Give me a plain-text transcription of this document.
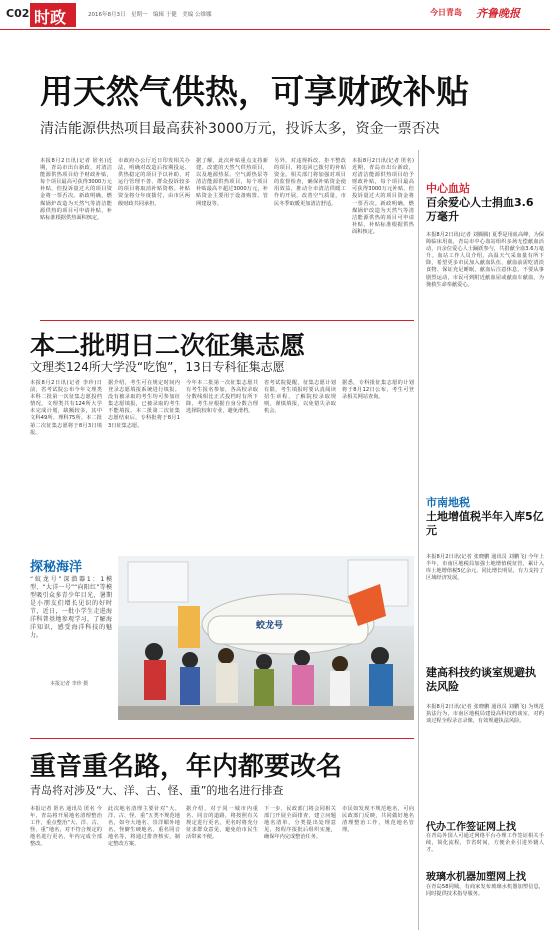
C02 时政	2016年8月3日　星期一　编辑 于健　美编 公维娜	今日青岛 齐鲁晚报
用天然气供热，可享财政补贴
清洁能源供热项目最高获补3000万元，投诉太多，资金一票否决
本报8月2日讯(记者 匿名)近期，青岛市出台新政，对清洁能源供热项目给予财政补贴，每个项目最高可获得3000万元补贴，但投诉量过大的项目资金将一票否决。新政明确，燃煤锅炉改造为天然气等清洁能源供热的项目可申请补贴，补贴标准根据供热面积核定。
市政府办公厅近日印发相关办法，明确对改造后按期投运、供热稳定的项目予以补助，对运行管理不善、群众投诉较多的项目将取消补贴资格。补贴资金将分年度拨付，由市区两级财政共同承担。
据了解，此次补贴重点支持新建、改建的天然气供热项目，以及地源热泵、空气源热泵等清洁能源供热项目，每个项目补贴最高不超过3000万元，补贴资金主要用于设备购置、管网建设等。
另外，对违规拆改、拒不整改的项目，将追回已拨付的补贴资金。相关部门将加强对项目的监督检查，确保补贴资金使用效益，推动全市清洁供暖工作的开展，改善空气质量，市民冬季取暖更加清洁舒适。
本报8月2日讯(记者 匿名)近期，青岛市出台新政，对清洁能源供热项目给予财政补贴，每个项目最高可获得3000万元补贴，但投诉量过大的项目资金将一票否决。新政明确，燃煤锅炉改造为天然气等清洁能源供热的项目可申请补贴，补贴标准根据供热面积核定。
中心血站
百余爱心人士捐血3.6万毫升
本报8月2日讯(记者 刘腾腾) 夏季是用血高峰，为保障临床用血，青岛市中心血站组织多场无偿献血活动，百余位爱心人士踊跃参与，共捐献全血3.6万毫升。血站工作人员介绍，高温天气采血量有所下降，希望更多市民加入献血队伍，献血前需吃清淡食物、保证充足睡眠，献血后注意休息，不要从事剧烈运动，市民可到附近献血屋或献血车献血，为挽救生命奉献爱心。
市南地税
土地增值税半年入库5亿元
本报8月2日讯(记者 张晓鹏 通讯员 刘鹏飞) 今年上半年，市南区地税局加强土地增值税征管，累计入库土地增值税5亿余元，同比增长明显，有力支持了区域经济发展。
建高科技约谈室规避执法风险
本报8月2日讯(记者 张晓鹏 通讯员 刘鹏飞) 为规范执法行为，市南区地税局建设高科技约谈室，对约谈过程全程录音录像，有效规避执法风险。
代办工作签证网上找
在青岛外国人可通过网络平台办理工作签证相关手续，简化流程，节省时间，方便企业引进外籍人才。
玻璃水机器加塑网上找
在青岛58同城，有商家发布玻璃水机器加塑信息，同时提供技术指导服务。
本二批明日二次征集志愿
文理类124所大学没“吃饱”，13日专科征集志愿
本报8月2日讯(记者 李珍)日前，省考试院公布今年文理类本科二批第一次征集志愿投档情况，文理类共有124所大学未完成计划，缺额较多，其中文科49所、理科75所。本二批第二次征集志愿将于8月3日填报。
据介绍，考生可在规定时间内登录志愿填报系统进行填报。没有被录取的考生均可参加征集志愿填报，已被录取的考生不能填报。本二批第二次征集志愿结束后，专科批将于8月13日征集志愿。
今年本二批第一次征集志愿共有考生报名参加，各高校录取分数线相比正式投档时有所下降，考生应根据自身分数合理选择院校和专业，避免滑档。
省考试院提醒，征集志愿计划有限，考生填报时要认真阅读招生章程，了解院校录取规则，谨慎填报，以免错失录取机会。
据悉，专科批征集志愿的计划将于8月12日公布，考生可登录相关网站查询。
探秘海洋
“蚊龙号”深潜器1：1模型、“大洋一号”“向阳红”等模型吸引众多青少年目光，暑期是小朋友们增长见识的好时节，近日，一批小学生走进海洋科普基地参观学习，了解海洋知识，感受海洋科技的魅力。
本报记者 李珍 摄
蛟龙号
重音重名路，年内都要改名
青岛将对涉及“大、洋、古、怪、重”的地名进行排查
本报记者 匿名 通讯员 匿名 今年，青岛将开展地名清理整治工作，重点整治“大、洋、古、怪、重”地名，对不符合规定的地名进行更名，年内完成全部整改。
此次地名清理主要针对“大、洋、古、怪、重”五类不规范地名，如夸大地名、崇洋媚外地名、怪僻生硬地名、重名同音地名等，将通过排查核实，制定整改方案。
据介绍，对于同一城市内重名、同音的道路，将按照有关规定进行更名，更名时将充分征求群众意见，避免给市民生活带来不便。
下一步，民政部门将会同相关部门开展全面排查，建立问题地名清单，分类提出处理意见，按程序报批后组织实施，确保年内完成整治任务。
市民如发现不规范地名，可向民政部门反映，共同做好地名清理整治工作，规范地名管理。
